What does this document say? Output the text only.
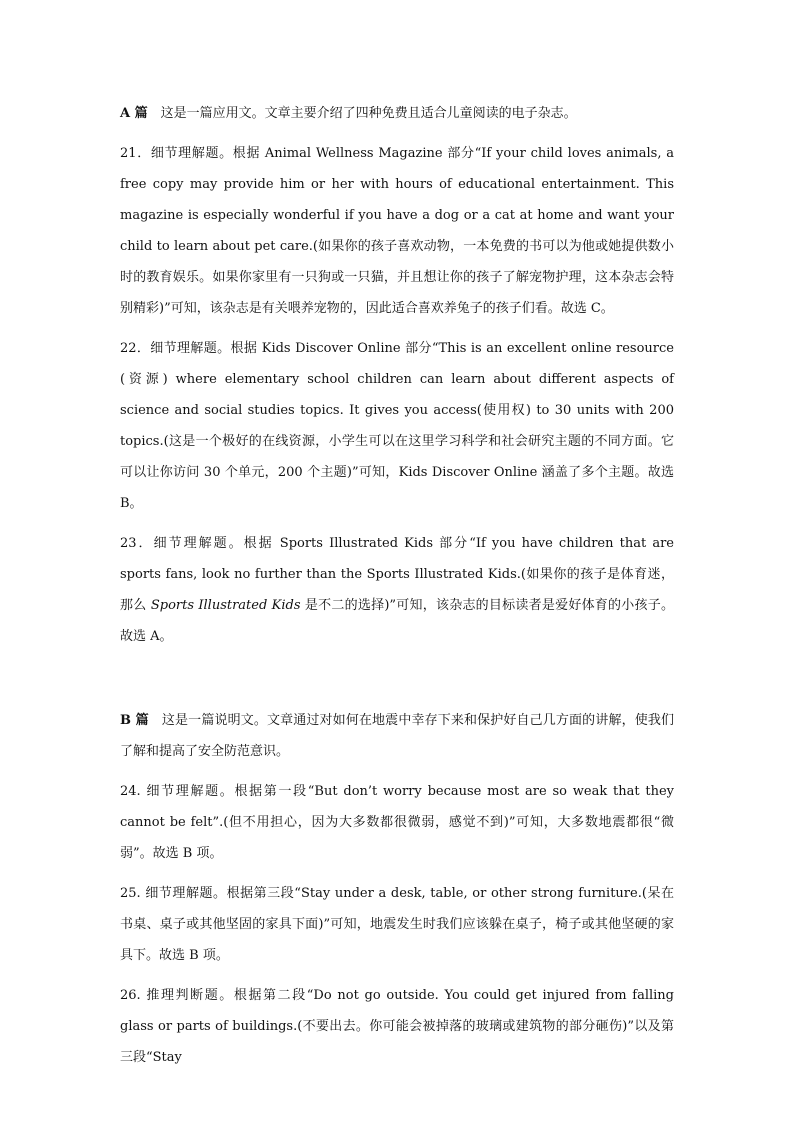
A 篇　这是一篇应用文。文章主要介绍了四种免费且适合儿童阅读的电子杂志。

21．细节理解题。根据 Animal Wellness Magazine 部分“If your child loves animals, a free copy may provide him or her with hours of educational entertainment. This magazine is especially wonderful if you have a dog or a cat at home and want your child to learn about pet care.(如果你的孩子喜欢动物，一本免费的书可以为他或她提供数小时的教育娱乐。如果你家里有一只狗或一只猫，并且想让你的孩子了解宠物护理，这本杂志会特别精彩)”可知，该杂志是有关喂养宠物的，因此适合喜欢养兔子的孩子们看。故选 C。

22．细节理解题。根据 Kids Discover Online 部分“This is an excellent online resource (资源) where elementary school children can learn about different aspects of science and social studies topics. It gives you access(使用权) to 30 units with 200 topics.(这是一个极好的在线资源，小学生可以在这里学习科学和社会研究主题的不同方面。它可以让你访问 30 个单元，200 个主题)”可知，Kids Discover Online 涵盖了多个主题。故选 B。

23．细节理解题。根据 Sports Illustrated Kids 部分“If you have children that are sports fans, look no further than the Sports Illustrated Kids.(如果你的孩子是体育迷，那么 Sports Illustrated Kids 是不二的选择)”可知，该杂志的目标读者是爱好体育的小孩子。故选 A。

B 篇　这是一篇说明文。文章通过对如何在地震中幸存下来和保护好自己几方面的讲解，使我们了解和提高了安全防范意识。

24. 细节理解题。根据第一段“But don’t worry because most are so weak that they cannot be felt”.(但不用担心，因为大多数都很微弱，感觉不到)”可知，大多数地震都很“微弱”。故选 B 项。

25. 细节理解题。根据第三段“Stay under a desk, table, or other strong furniture.(呆在书桌、桌子或其他坚固的家具下面)”可知，地震发生时我们应该躲在桌子，椅子或其他坚硬的家具下。故选 B 项。

26. 推理判断题。根据第二段“Do not go outside. You could get injured from falling glass or parts of buildings.(不要出去。你可能会被掉落的玻璃或建筑物的部分砸伤)”以及第三段“Stay
